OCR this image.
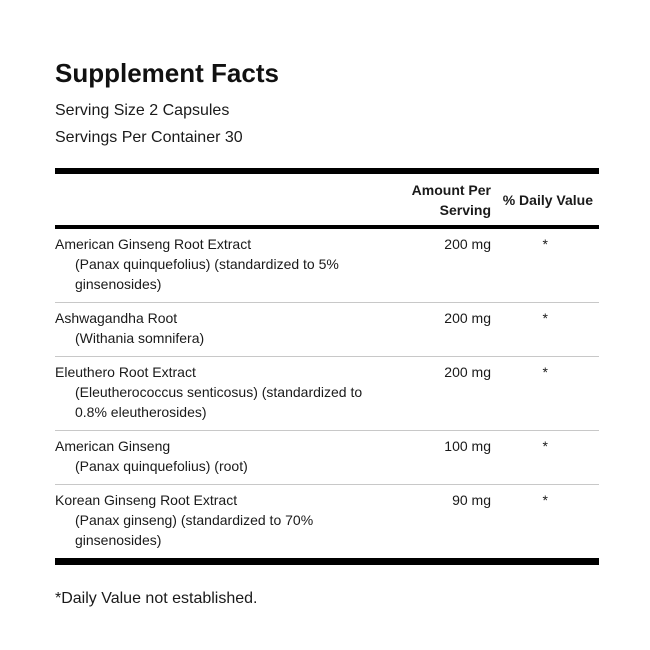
Supplement Facts
Serving Size 2 Capsules
Servings Per Container 30
Amount Per
Serving
% Daily Value
American Ginseng Root Extract
(Panax quinquefolius) (standardized to 5% ginsenosides)
200 mg	*
Ashwagandha Root
(Withania somnifera)
200 mg	*
Eleuthero Root Extract
(Eleutherococcus senticosus) (standardized to 0.8% eleutherosides)
200 mg	*
American Ginseng
(Panax quinquefolius) (root)
100 mg	*
Korean Ginseng Root Extract
(Panax ginseng) (standardized to 70% ginsenosides)
90 mg	*
*Daily Value not established.
